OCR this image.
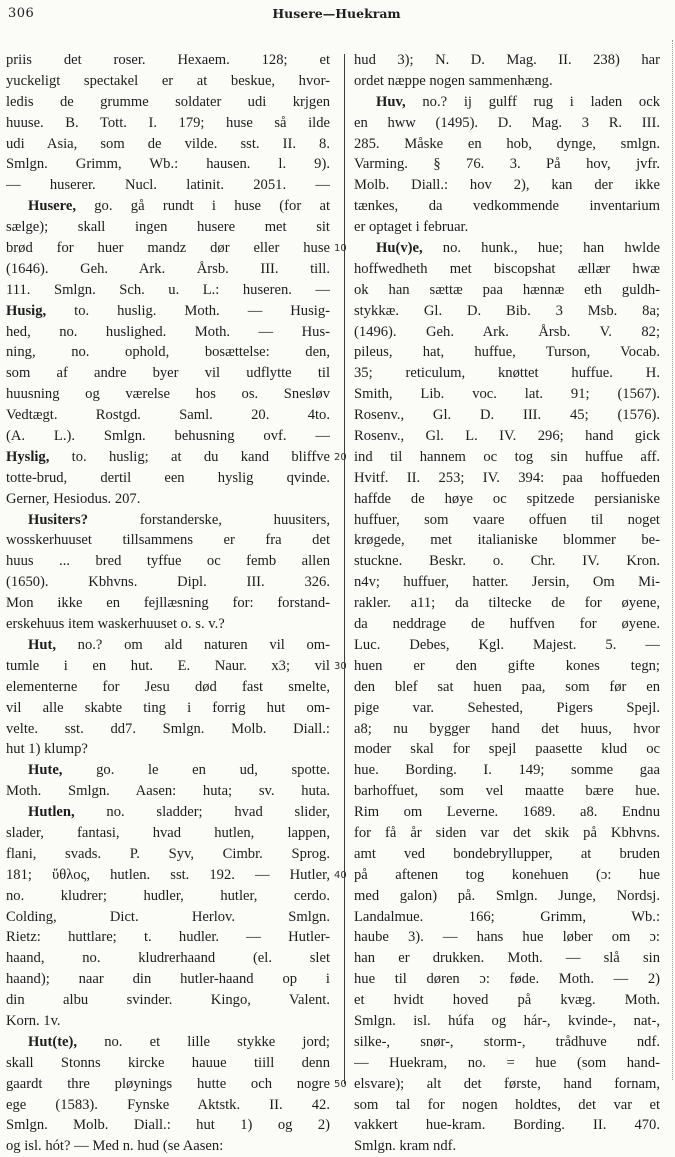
306	Husere—Huekram
priis det roser. Hexaem. 128; et
yuckeligt spectakel er at beskue, hvor-
ledis de grumme soldater udi krjgen
huuse. B. Tott. I. 179; huse så ilde
udi Asia, som de vilde. sst. II. 8.
Smlgn. Grimm, Wb.: hausen. l. 9).
— huserer. Nucl. latinit. 2051. —
Husere, go. gå rundt i huse (for at
sælge); skall ingen husere met sit
brød for huer mandz dør eller huse
(1646). Geh. Ark. Årsb. III. till.
111. Smlgn. Sch. u. L.: huseren. —
Husig, to. huslig. Moth. — Husig-
hed, no. huslighed. Moth. — Hus-
ning, no. ophold, bosættelse: den,
som af andre byer vil udflytte til
huusning og værelse hos os. Snesløv
Vedtægt. Rostgd. Saml. 20. 4to.
(A. L.). Smlgn. behusning ovf. —
Hyslig, to. huslig; at du kand bliffve
totte-brud, dertil een hyslig qvinde.
Gerner, Hesiodus. 207.
Husiters? forstanderske, huusiters,
wosskerhuuset tillsammens er fra det
huus ... bred tyffue oc femb allen
(1650). Kbhvns. Dipl. III. 326.
Mon ikke en fejllæsning for: forstand-
erskehuus item waskerhuuset o. s. v.?
Hut, no.? om ald naturen vil om-
tumle i en hut. E. Naur. x3; vil
elementerne for Jesu død fast smelte,
vil alle skabte ting i forrig hut om-
velte. sst. dd7. Smlgn. Molb. Diall.:
hut 1) klump?
Hute, go. le en ud, spotte.
Moth. Smlgn. Aasen: huta; sv. huta.
Hutlen, no. sladder; hvad slider,
slader, fantasi, hvad hutlen, lappen,
flani, svads. P. Syv, Cimbr. Sprog.
181; ὕθλος, hutlen. sst. 192. — Hutler,
no. kludrer; hudler, hutler, cerdo.
Colding, Dict. Herlov. Smlgn.
Rietz: huttlare; t. hudler. — Hutler-
haand, no. kludrerhaand (el. slet
haand); naar din hutler-haand op i
din albu svinder. Kingo, Valent.
Korn. 1v.
Hut(te), no. et lille stykke jord;
skall Stonns kircke hauue tiill denn
gaardt thre pløynings hutte och nogre
ege (1583). Fynske Aktstk. II. 42.
Smlgn. Molb. Diall.: hut 1) og 2)
og isl. hót? — Med n. hud (se Aasen:
10
20
30
40
50
hud 3); N. D. Mag. II. 238) har
ordet næppe nogen sammenhæng.
Huv, no.? ij gulff rug i laden ock
en hww (1495). D. Mag. 3 R. III.
285. Måske en hob, dynge, smlgn.
Varming. § 76. 3. På hov, jvfr.
Molb. Diall.: hov 2), kan der ikke
tænkes, da vedkommende inventarium
er optaget i februar.
Hu(v)e, no. hunk., hue; han hwlde
hoffwedheth met biscopshat ællær hwæ
ok han sættæ paa hænnæ eth guldh-
stykkæ. Gl. D. Bib. 3 Msb. 8a;
(1496). Geh. Ark. Årsb. V. 82;
pileus, hat, huffue, Turson, Vocab.
35; reticulum, knøttet huffue. H.
Smith, Lib. voc. lat. 91; (1567).
Rosenv., Gl. D. III. 45; (1576).
Rosenv., Gl. L. IV. 296; hand gick
ind til hannem oc tog sin huffue aff.
Hvitf. II. 253; IV. 394: paa hoffueden
haffde de høye oc spitzede persianiske
huffuer, som vaare offuen til noget
krøgede, met italianiske blommer be-
stuckne. Beskr. o. Chr. IV. Kron.
n4v; huffuer, hatter. Jersin, Om Mi-
rakler. a11; da tiltecke de for øyene,
da neddrage de huffven for øyene.
Luc. Debes, Kgl. Majest. 5. —
huen er den gifte kones tegn;
den blef sat huen paa, som før en
pige var. Sehested, Pigers Spejl.
a8; nu bygger hand det huus, hvor
moder skal for spejl paasette klud oc
hue. Bording. I. 149; somme gaa
barhoffuet, som vel maatte bære hue.
Rim om Leverne. 1689. a8. Endnu
for få år siden var det skik på Kbhvns.
amt ved bondebryllupper, at bruden
på aftenen tog konehuen (ɔ: hue
med galon) på. Smlgn. Junge, Nordsj.
Landalmue. 166; Grimm, Wb.:
haube 3). — hans hue løber om ɔ:
han er drukken. Moth. — slå sin
hue til døren ɔ: føde. Moth. — 2)
et hvidt hoved på kvæg. Moth.
Smlgn. isl. húfa og hár-, kvinde-, nat-,
silke-, snør-, storm-, trådhuve ndf.
— Huekram, no. = hue (som hand-
elsvare); alt det første, hand fornam,
som tal for nogen holdtes, det var et
vakkert hue-kram. Bording. II. 470.
Smlgn. kram ndf.
